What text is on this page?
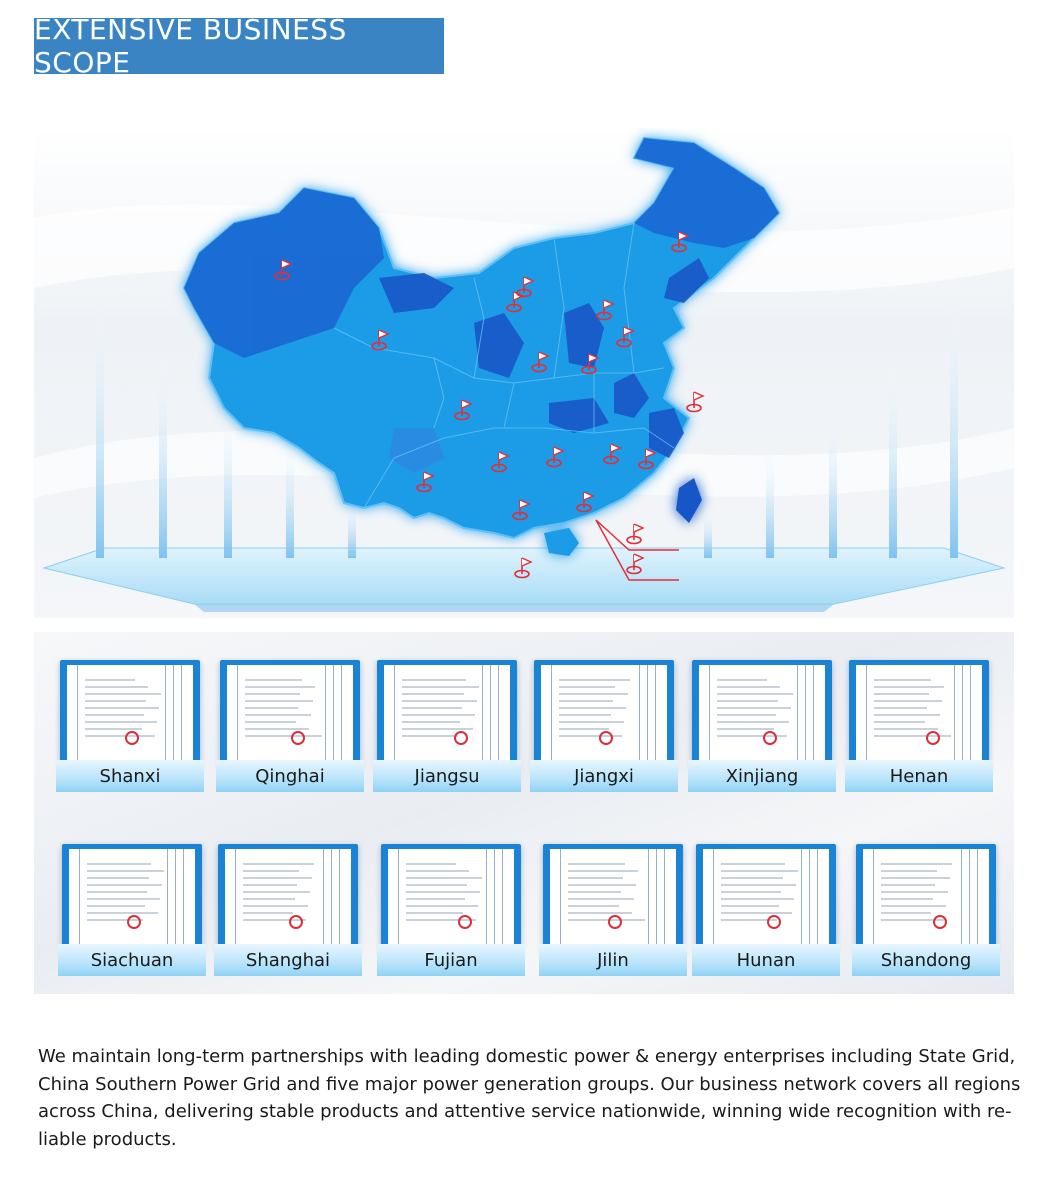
EXTENSIVE BUSINESS SCOPE
Shanxi	Qinghai	Jiangsu	Jiangxi	Xinjiang	Henan
Siachuan	Shanghai	Fujian	Jilin	Hunan	Shandong

We maintain long-term partnerships with leading domestic power & energy enterprises including State Grid, China Southern Power Grid and five major power generation groups. Our business network covers all regions across China, delivering stable products and attentive service nationwide, winning wide recognition with re-liable products.
